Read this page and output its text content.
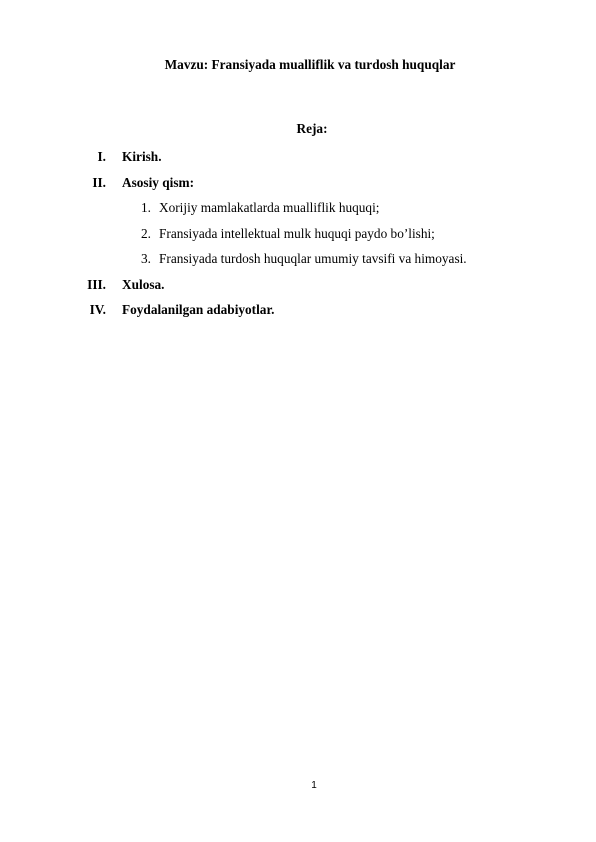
Mavzu: Fransiyada mualliflik va turdosh huquqlar
Reja:
I. Kirish.
II. Asosiy qism:
1. Xorijiy mamlakatlarda mualliflik huquqi;
2. Fransiyada intellektual mulk huquqi paydo bo’lishi;
3. Fransiyada turdosh huquqlar umumiy tavsifi va himoyasi.
III. Xulosa.
IV. Foydalanilgan adabiyotlar.
1
